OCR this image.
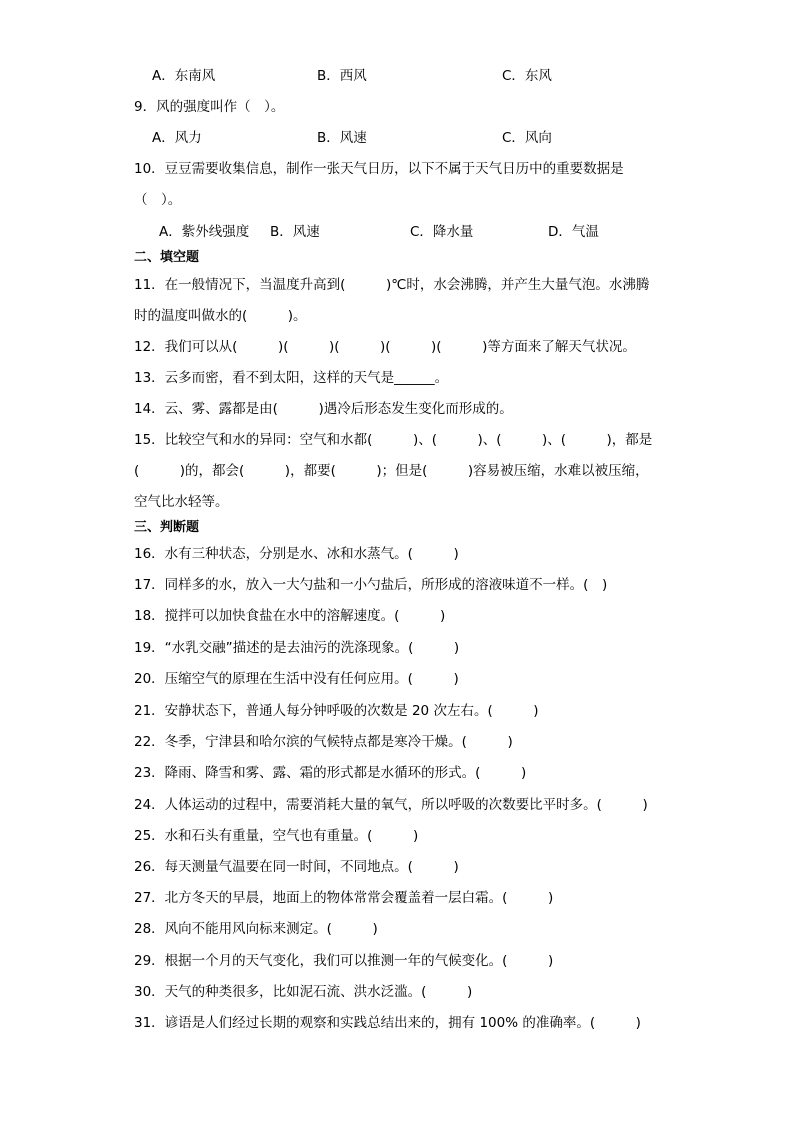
A．东南风	B．西风	C．东风
9．风的强度叫作（　）。
A．风力	B．风速	C．风向
10．豆豆需要收集信息，制作一张天气日历，以下不属于天气日历中的重要数据是
（　）。
A．紫外线强度 B．风速	C．降水量	D．气温
二、填空题
11．在一般情况下，当温度升高到(　　　)℃时，水会沸腾，并产生大量气泡。水沸腾
时的温度叫做水的(　　　)。
12．我们可以从(　　　)(　　　)(　　　)(　　　)(　　　)等方面来了解天气状况。
13．云多而密，看不到太阳，这样的天气是______。
14．云、雾、露都是由(　　　)遇冷后形态发生变化而形成的。
15．比较空气和水的异同：空气和水都(　　　)、(　　　)、(　　　)、(　　　)，都是
(　　　)的，都会(　　　)，都要(　　　)；但是(　　　)容易被压缩，水难以被压缩，
空气比水轻等。
三、判断题
16．水有三种状态，分别是水、冰和水蒸气。(　　　)
17．同样多的水，放入一大勺盐和一小勺盐后，所形成的溶液味道不一样。(　)
18．搅拌可以加快食盐在水中的溶解速度。(　　　)
19．“水乳交融”描述的是去油污的洗涤现象。(　　　)
20．压缩空气的原理在生活中没有任何应用。(　　　)
21．安静状态下，普通人每分钟呼吸的次数是 20 次左右。(　　　)
22．冬季，宁津县和哈尔滨的气候特点都是寒冷干燥。(　　　)
23．降雨、降雪和雾、露、霜的形式都是水循环的形式。(　　　)
24．人体运动的过程中，需要消耗大量的氧气，所以呼吸的次数要比平时多。(　　　)
25．水和石头有重量，空气也有重量。(　　　)
26．每天测量气温要在同一时间，不同地点。(　　　)
27．北方冬天的早晨，地面上的物体常常会覆盖着一层白霜。(　　　)
28．风向不能用风向标来测定。(　　　)
29．根据一个月的天气变化，我们可以推测一年的气候变化。(　　　)
30．天气的种类很多，比如泥石流、洪水泛滥。(　　　)
31．谚语是人们经过长期的观察和实践总结出来的，拥有 100% 的准确率。(　　　)
